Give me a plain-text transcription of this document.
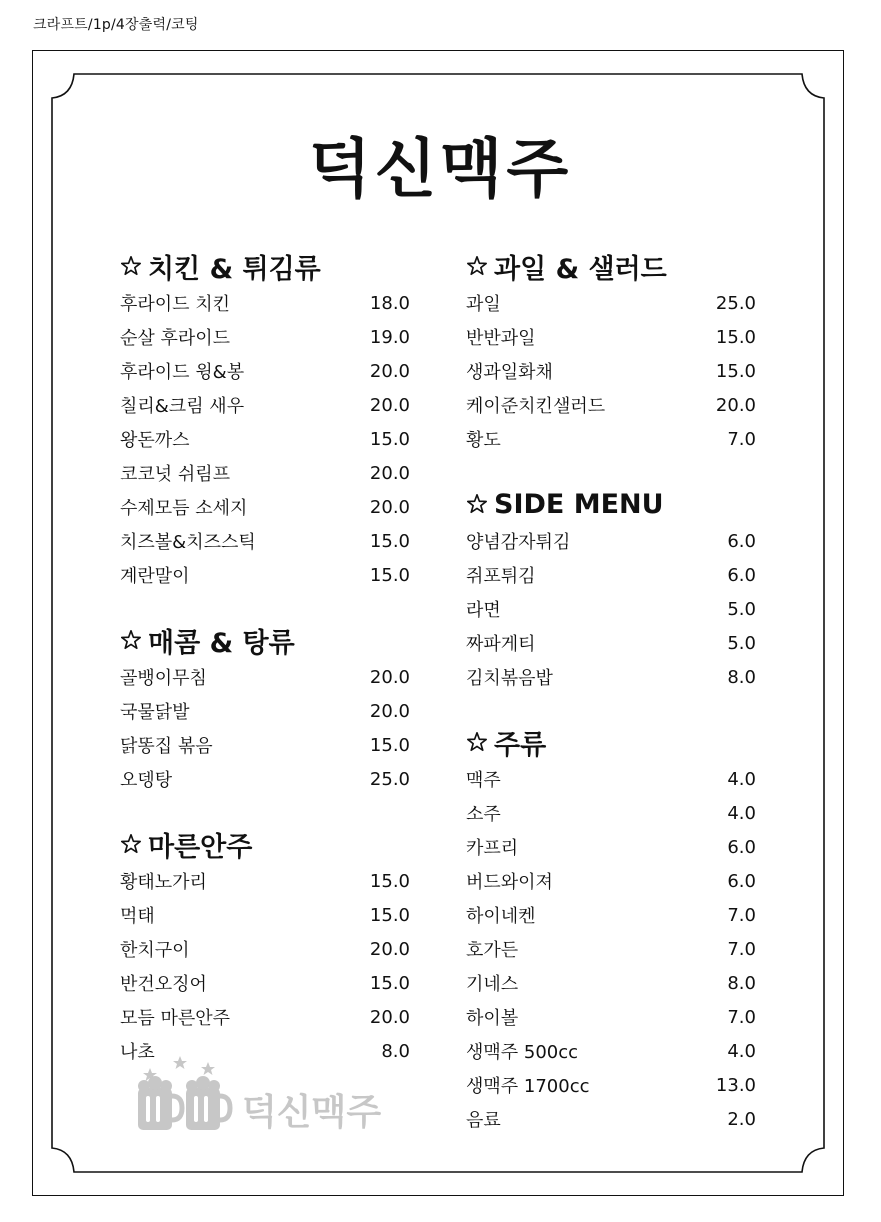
크라프트/1p/4장출력/코팅
덕신맥주
치킨 & 튀김류
후라이드 치킨	18.0
순살 후라이드	19.0
후라이드 윙&봉	20.0
칠리&크림 새우	20.0
왕돈까스	15.0
코코넛 쉬림프	20.0
수제모듬 소세지	20.0
치즈볼&치즈스틱	15.0
계란말이	15.0
매콤 & 탕류
골뱅이무침	20.0
국물닭발	20.0
닭똥집 볶음	15.0
오뎅탕	25.0
마른안주
황태노가리	15.0
먹태	15.0
한치구이	20.0
반건오징어	15.0
모듬 마른안주	20.0
나초	8.0
과일 & 샐러드
과일	25.0
반반과일	15.0
생과일화채	15.0
케이준치킨샐러드	20.0
황도	7.0
SIDE MENU
양념감자튀김	6.0
쥐포튀김	6.0
라면	5.0
짜파게티	5.0
김치볶음밥	8.0
주류
맥주	4.0
소주	4.0
카프리	6.0
버드와이져	6.0
하이네켄	7.0
호가든	7.0
기네스	8.0
하이볼	7.0
생맥주 500cc	4.0
생맥주 1700cc	13.0
음료	2.0
덕신맥주
